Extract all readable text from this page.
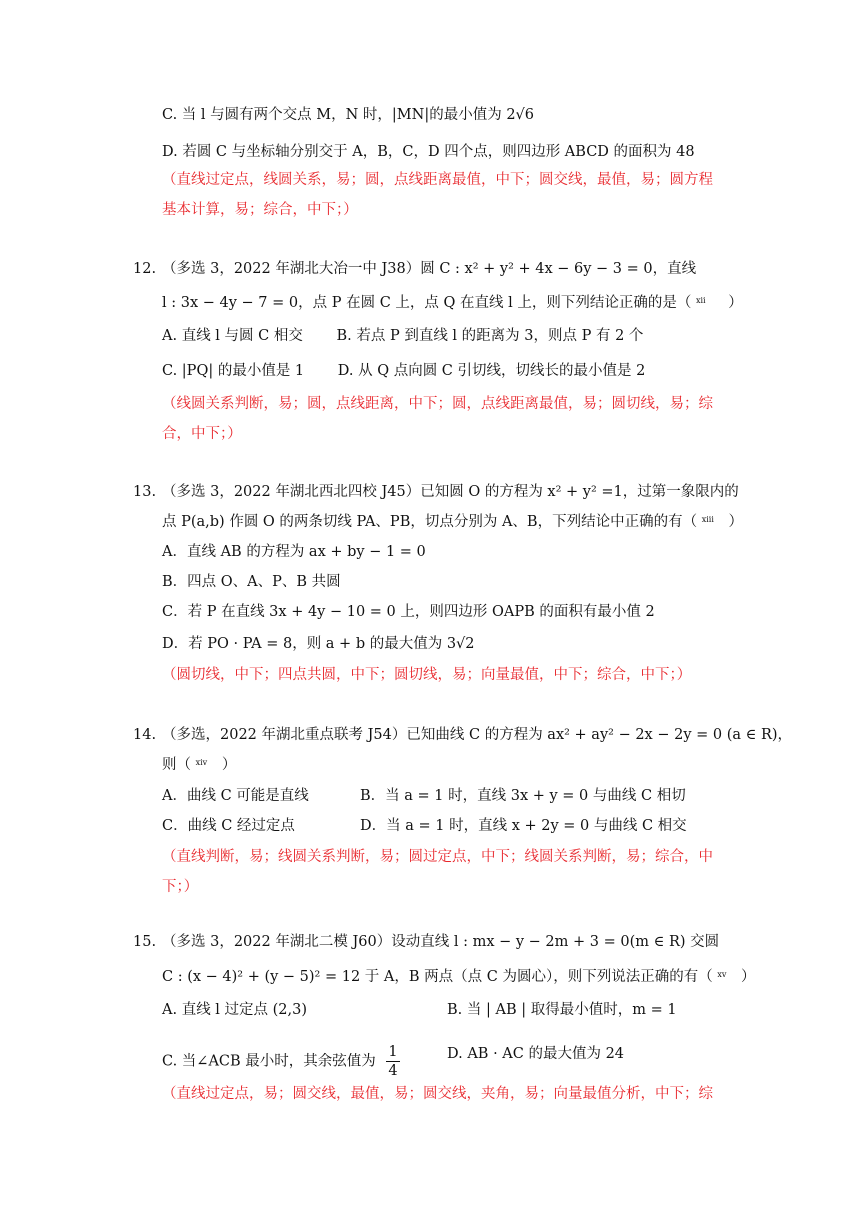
C. 当 l 与圆有两个交点 M，N 时，|MN|的最小值为 2√6
D. 若圆 C 与坐标轴分别交于 A，B，C，D 四个点，则四边形 ABCD 的面积为 48
（直线过定点，线圆关系，易；圆，点线距离最值，中下；圆交线，最值，易；圆方程
基本计算，易；综合，中下；）
12. （多选 3，2022 年湖北大冶一中 J38）圆 C : x² + y² + 4x − 6y − 3 = 0，直线
l : 3x − 4y − 7 = 0，点 P 在圆 C 上，点 Q 在直线 l 上，则下列结论正确的是（ $^{xii}$ ）
A. 直线 l 与圆 C 相交　　 B. 若点 P 到直线 l 的距离为 3，则点 P 有 2 个
C. |PQ| 的最小值是 1　　 D. 从 Q 点向圆 C 引切线，切线长的最小值是 2
（线圆关系判断，易；圆，点线距离，中下；圆，点线距离最值，易；圆切线，易；综
合，中下；）
13. （多选 3，2022 年湖北西北四校 J45）已知圆 O 的方程为 x² + y² =1，过第一象限内的
点 P(a,b) 作圆 O 的两条切线 PA、PB，切点分别为 A、B，下列结论中正确的有（ $^{xiii}$ ）
A．直线 AB 的方程为 ax + by − 1 = 0
B．四点 O、A、P、B 共圆
C．若 P 在直线 3x + 4y − 10 = 0 上，则四边形 OAPB 的面积有最小值 2
D．若 PO · PA = 8，则 a + b 的最大值为 3√2
（圆切线，中下；四点共圆，中下；圆切线，易；向量最值，中下；综合，中下；）
14. （多选，2022 年湖北重点联考 J54）已知曲线 C 的方程为 ax² + ay² − 2x − 2y = 0 (a ∈ R)，
则（ $^{xiv}$ ）
A．曲线 C 可能是直线	B．当 a = 1 时，直线 3x + y = 0 与曲线 C 相切
C．曲线 C 经过定点	D．当 a = 1 时，直线 x + 2y = 0 与曲线 C 相交
（直线判断，易；线圆关系判断，易；圆过定点，中下；线圆关系判断，易；综合，中
下；）
15. （多选 3，2022 年湖北二模 J60）设动直线 l : mx − y − 2m + 3 = 0(m ∈ R) 交圆
C : (x − 4)² + (y − 5)² = 12 于 A，B 两点（点 C 为圆心），则下列说法正确的有（ $^{xv}$ ）
A. 直线 l 过定点 (2,3)	B. 当 | AB | 取得最小值时，m = 1
C. 当∠ACB 最小时，其余弦值为 $\frac{1}{4}$	D. AB · AC 的最大值为 24
（直线过定点，易；圆交线，最值，易；圆交线，夹角，易；向量最值分析，中下；综
